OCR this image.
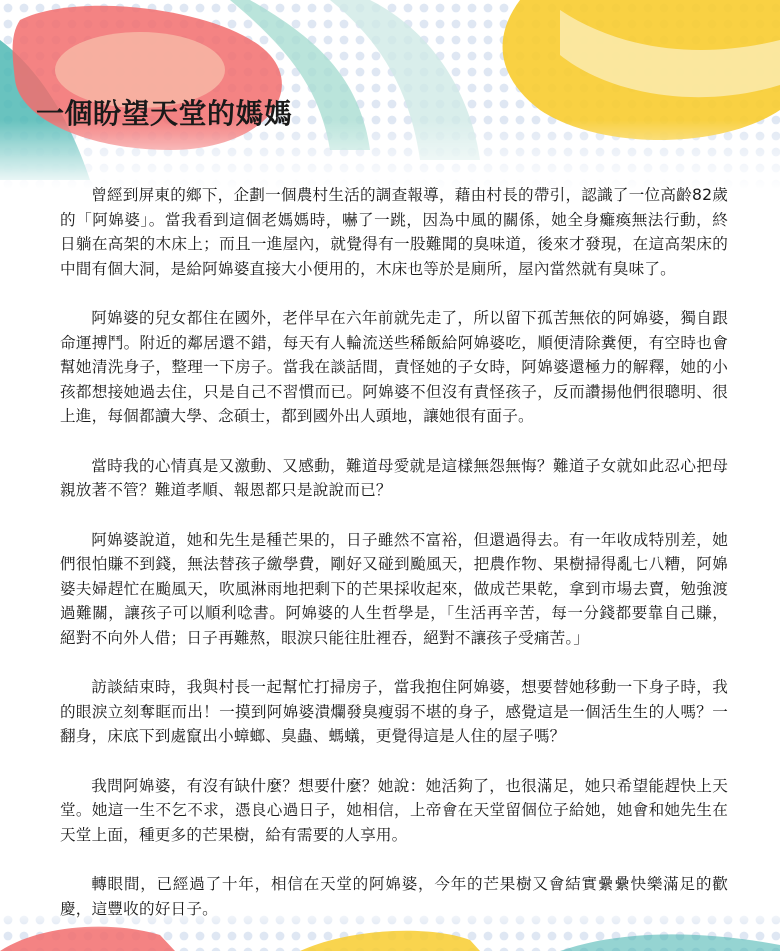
一個盼望天堂的媽媽

曾經到屏東的鄉下，企劃一個農村生活的調查報導，藉由村長的帶引，認識了一位高齡82歲的「阿婂婆」。當我看到這個老媽媽時，嚇了一跳，因為中風的關係，她全身癱瘓無法行動，終日躺在高架的木床上；而且一進屋內，就覺得有一股難聞的臭味道，後來才發現，在這高架床的中間有個大洞，是給阿婂婆直接大小便用的，木床也等於是廁所，屋內當然就有臭味了。

阿婂婆的兒女都住在國外，老伴早在六年前就先走了，所以留下孤苦無依的阿婂婆，獨自跟命運搏鬥。附近的鄰居還不錯，每天有人輪流送些稀飯給阿婂婆吃，順便清除糞便，有空時也會幫她清洗身子，整理一下房子。當我在談話間，責怪她的子女時，阿婂婆還極力的解釋，她的小孩都想接她過去住，只是自己不習慣而已。阿婂婆不但沒有責怪孩子，反而讚揚他們很聰明、很上進，每個都讀大學、念碩士，都到國外出人頭地，讓她很有面子。

當時我的心情真是又激動、又感動，難道母愛就是這樣無怨無悔？難道子女就如此忍心把母親放著不管？難道孝順、報恩都只是說說而已？

阿婂婆說道，她和先生是種芒果的，日子雖然不富裕，但還過得去。有一年收成特別差，她們很怕賺不到錢，無法替孩子繳學費，剛好又碰到颱風天，把農作物、果樹掃得亂七八糟，阿婂婆夫婦趕忙在颱風天，吹風淋雨地把剩下的芒果採收起來，做成芒果乾，拿到市場去賣，勉強渡過難關，讓孩子可以順利唸書。阿婂婆的人生哲學是，「生活再辛苦，每一分錢都要靠自己賺，絕對不向外人借；日子再難熬，眼淚只能往肚裡吞，絕對不讓孩子受痛苦。」

訪談結束時，我與村長一起幫忙打掃房子，當我抱住阿婂婆，想要替她移動一下身子時，我的眼淚立刻奪眶而出！一摸到阿婂婆潰爛發臭瘦弱不堪的身子，感覺這是一個活生生的人嗎？一翻身，床底下到處竄出小蟑螂、臭蟲、螞蟻，更覺得這是人住的屋子嗎？

我問阿婂婆，有沒有缺什麼？想要什麼？她說：她活夠了，也很滿足，她只希望能趕快上天堂。她這一生不乞不求，憑良心過日子，她相信，上帝會在天堂留個位子給她，她會和她先生在天堂上面，種更多的芒果樹，給有需要的人享用。

轉眼間，已經過了十年，相信在天堂的阿婂婆，今年的芒果樹又會結實纍纍快樂滿足的歡慶，這豐收的好日子。
